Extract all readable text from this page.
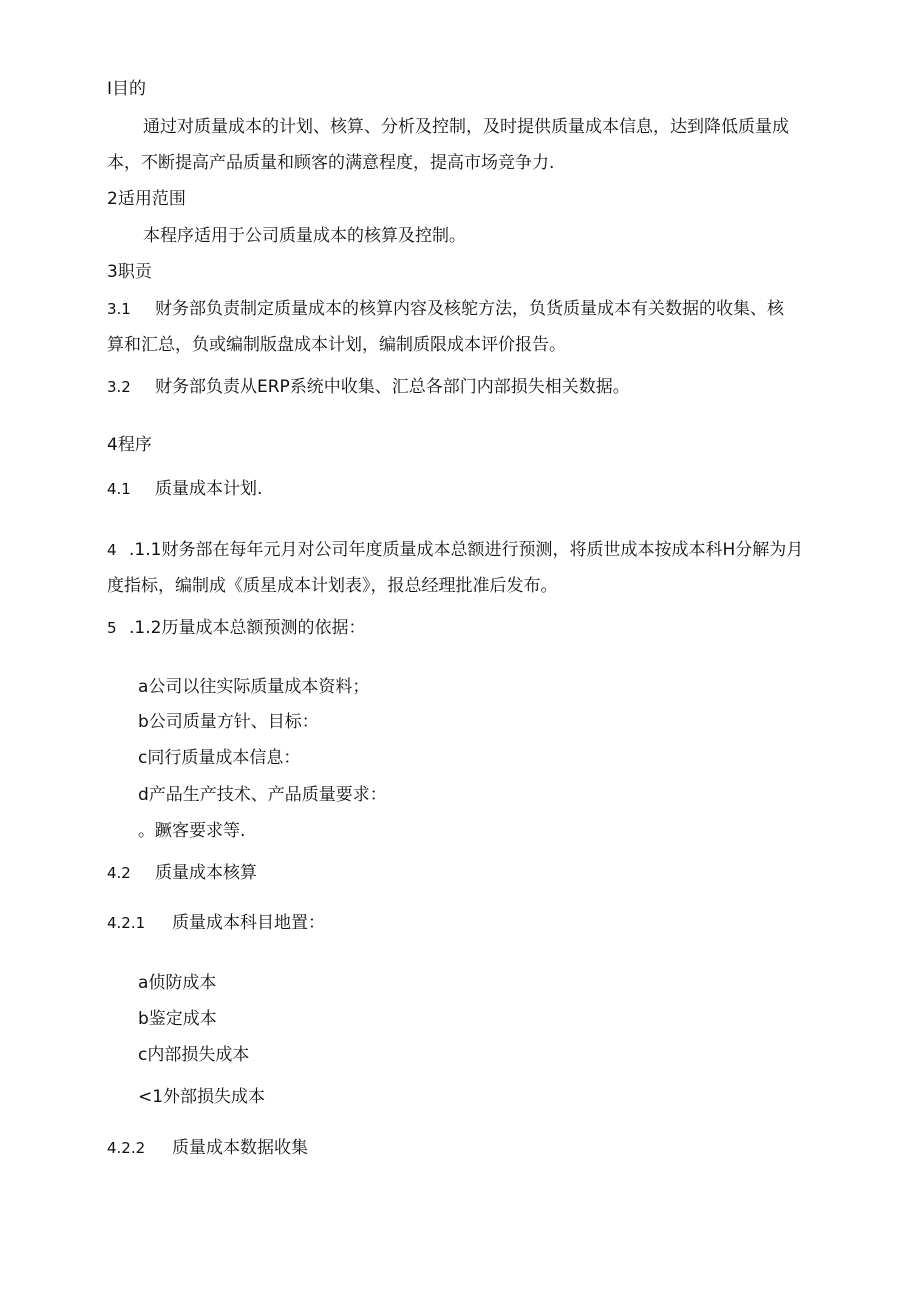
I目的
通过对质量成本的计划、核算、分析及控制，及时提供质量成本信息，达到降低质量成
本，不断提高产品质量和顾客的满意程度，提高市场竞争力.
2适用范围
本程序适用于公司质量成本的核算及控制。
3职贡
3.1 财务部负责制定质量成本的核算内容及核鸵方法，负货质量成本有关数据的收集、核
算和汇总，负或编制版盘成本计划，编制质限成本评价报告。
3.2 财务部负责从ERP系统中收集、汇总各部门内部损失相关数据。
4程序
4.1 质量成本计划.
4 .1.1财务部在每年元月对公司年度质量成本总额进行预测，将质世成本按成本科H分解为月
度指标，编制成《质星成本计划表》，报总经理批准后发布。
5 .1.2历量成本总额预测的依据：
a公司以往实际质量成本资料；
b公司质量方针、目标：
c同行质量成本信息：
d产品生产技术、产品质量要求：
。蹶客要求等.
4.2 质量成本核算
4.2.1 质量成本科目地置：
a侦防成本
b鉴定成本
c内部损失成本
<1外部损失成本
4.2.2 质量成本数据收集
